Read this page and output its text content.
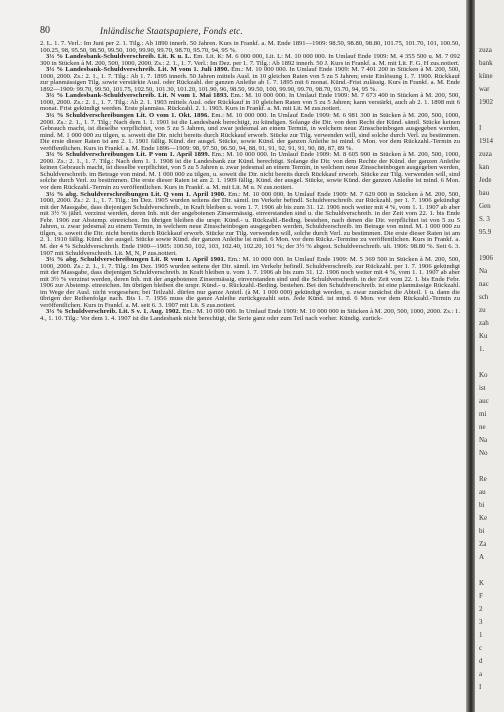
80	Inländische Staatspapiere, Fonds etc.

2. L. 1. 7. Verl.: Im Juni per 2. 1. Tilg.: Ab 1890 innerh. 50 Jahren. Kurs in Frankf. a. M. Ende 1891—1909: 98.50, 98.80, 98.80, 101.75, 101.70, 101, 100.50, 100.25, 98, 95.50, 98.50, 99.50, 100, 99.90, 99.70, 98.70, 95.70, 94, 95 %.

3½ % Landesbank-Schuldverschreib. Lit. K u. L. Em. Lit. K: M. 6 000 000, Lit. L: M. 10 000 000. In Umlauf Ende 1909: M. 4 355 500 u. M. 7 092 300 in Stücken à M. 200, 500, 1000, 2000. Zs.: 2. 1., 1. 7. Verl.: Im Dez. per 1. 7. Tilg.: Ab 1892 innerh. 50 J. Kurs in Frankf. a. M. mit Lit. F. G. H zus.notiert.

3½ % Landesbank-Schuldverschreib. Lit. M vom 1. Juli 1890. Em.: M. 10 000 000. In Umlauf Ende 1909: M. 7 401 200 in Stücken à M. 200, 500, 1000, 2000. Zs.: 2. 1., 1. 7. Tilg.: Ab 1. 7. 1895 innerh. 50 Jahren mittels Ausl. in 10 gleichen Raten von 5 zu 5 Jahren; erste Einlösung 1. 7. 1900. Rückkauf zur planmässigen Tilg. sowie verstärkte Ausl. oder Rückzahl. der ganzen Anleihe ab 1. 7. 1895 mit 6 monat. Künd.-Frist zulässig. Kurs in Frankf. a. M. Ende 1892—1909: 99.70, 99.50, 101.75, 102.50, 101.30, 101.20, 101.90, 96, 98.50, 99.50, 100, 99.90, 99.70, 98.70, 93.70, 94, 95 %.

3½ % Landesbank-Schuldverschreib. Lit. N vom 1. Mai 1893. Em.: M. 10 000 000. In Umlauf Ende 1909: M. 7 673 400 in Stücken à M. 200, 500, 1000, 2000. Zs.: 2. 1., 1. 7. Tilg.: Ab 2. 1. 1903 mittels Ausl. oder Rückkauf in 10 gleichen Raten von 5 zu 5 Jahren; kann verstärkt, auch ab 2. 1. 1898 mit 6 monat. Frist gekündigt werden. Erste planmäss. Rückzahl. 2. 1. 1903. Kurs in Frankf. a. M. mit Lit. M zus.notiert.

3½ % Schuldverschreibungen Lit. O vom 1. Okt. 1896. Em.: M. 10 000 000. In Umlauf Ende 1909: M. 6 981 300 in Stücken à M. 200, 500, 1000, 2000. Zs.: 2. 1., 1. 7. Tilg.: Nach dem 1. 1. 1901 ist die Landesbank berechtigt, zu kündigen. Solange die Dir. von dem Recht der Künd. sämtl. Stücke keinen Gebrauch macht, ist dieselbe verpflichtet, von 5 zu 5 Jahren, und zwar jedesmal an einem Termin, in welchem neue Zinsscheinbogen ausgegeben werden, mind. M. 1 000 000 zu tilgen, u. soweit die Dir. nicht bereits durch Rückkauf erworb. Stücke zur Tilg. verwenden will, sind solche durch Verl. zu bestimmen. Die erste dieser Raten ist am 2. 1. 1901 fällig. Künd. der ausgel. Stücke, sowie Künd. der ganzen Anleihe ist mind. 6 Mon. vor dem Rückzahl.-Termin zu veröffentlichen. Kurs in Frankf. a. M. Ende 1896—1909: 98, 97.50, 96.50, 94, 88, 91, 91, 92, 91, 91, 90, 88, 87, 89 %.

3½ % Schuldverschreibungen Lit. P vom 1. April 1899. Em.: M. 10 000 000. In Umlauf Ende 1909: M. 8 605 900 in Stücken à M. 200, 500, 1000, 2000. Zs.: 2. 1., 1. 7. Tilg.: Nach dem 1. 1. 1908 ist die Landesbank zur Künd. berechtigt. Solange die Dir. von dem Rechte der Künd. der ganzen Anleihe keinen Gebrauch macht, ist dieselbe verpflichtet, von 5 zu 5 Jahren u. zwar jedesmal an einem Termin, in welchem neue Zinsscheinbogen ausgegeben werden, Schuldverschreib. im Betrage von mind. M. 1 000 000 zu tilgen, u. soweit die Dir. nicht bereits durch Rückkauf erworb. Stücke zur Tilg. verwenden will, sind solche durch Verl. zu bestimmen. Die erste dieser Raten ist am 2. 1. 1909 fällig. Künd. der ausgel. Stücke, sowie Künd. der ganzen Anleihe ist mind. 6 Mon. vor dem Rückzahl.-Termin zu veröffentlichen. Kurs in Frankf. a. M. mit Lit. M u. N zus.notiert.

3½ % abg. Schuldverschreibungen Lit. Q vom 1. April 1900. Em.: M. 10 000 000. In Umlauf Ende 1909: M. 7 629 000 in Stücken à M. 200, 500, 1000, 2000. Zs.: 2. 1., 1. 7. Tilg.: Im Dez. 1905 wurden seitens der Dir. sämtl. im Verkehr befindl. Schuldverschreib. zur Rückzahl. per 1. 7. 1906 gekündigt mit der Massgabe, dass diejenigen Schuldverschreib., in Kraft bleiben u. vom 1. 7. 1906 ab bis zum 31. 12. 1906 noch weiter mit 4 %, vom 1. 1. 1907 ab aber mit 3½ % jährl. verzinst werden, deren Inh. mit der angebotenen Zinsermässig. einverstanden sind u. die Schuldverschreib. in der Zeit vom 22. 1. bis Ende Febr. 1906 zur Abstemp. einreichen. Im übrigen bleiben die urspr. Künd.- u. Rückzahl.-Beding. bestehen, nach denen die Dir. verpflichtet ist von 5 zu 5 Jahren, u. zwar jedesmal zu einem Termin, in welchem neue Zinsscheinbogen ausgegeben werden, Schuldverschreib. im Betrage von mind. M. 1 000 000 zu tilgen, u. soweit die Dir. nicht bereits durch Rückkauf erworb. Stücke zur Tilg. verwenden will, solche durch Verl. zu bestimmen. Die erste dieser Raten ist am 2. 1. 1910 fällig. Künd. der ausgel. Stücke sowie Künd. der ganzen Anleihe ist mind. 6 Mon. vor dem Rückz.-Termine zu veröffentlichen. Kurs in Frankf. a. M. der 4 % Schuldverschreib. Ende 1900—1905: 100.50, 102, 103, 102.40, 102.20, 101 %; der 3½ % abgest. Schuldverschreib. ult. 1906: 98.80 %. Seit 6. 3. 1907 mit Schuldverschreib. Lit. M, N, P zus.notiert.

3½ % abg. Schuldverschreibungen Lit. R vom 1. April 1901. Em.: M. 10 000 000. In Umlauf Ende 1909: M. 5 369 500 in Stücken à M. 200, 500, 1000, 2000. Zs.: 2. 1., 1. 7. Tilg.: Im Dez. 1905 wurden seitens der Dir. sämtl. im Verkehr befindl. Schuldverschreib. zur Rückzahl. per 1. 7. 1906 gekündigt mit der Massgabe, dass diejenigen Schuldverschreib. in Kraft bleiben u. vom 1. 7. 1906 ab bis zum 31. 12. 1906 noch weiter mit 4 %, vom 1. 1. 1907 ab aber mit 3½ % verzinst werden, deren Inh. mit der angebotenen Zinsermässig. einverstanden sind und die Schuldverschreib. in der Zeit vom 22. 1. bis Ende Febr. 1906 zur Abstemp. einreichen. Im übrigen bleiben die urspr. Künd.- u. Rückzahl.-Beding. bestehen. Bei den Schuldverschreib. ist eine planmässige Rückzahl. im Wege der Ausl. nicht vorgesehen; bei Teilzahl. dürfen nur ganze Anteil. (à M. 1 000 000) gekündigt werden, u. zwar zunächst die Abteil. 1 u. dann die übrigen der Reihenfolge nach. Bis 1. 7. 1956 muss die ganze Anleihe zurückgezahlt sein. Jede Künd. ist mind. 6 Mon. vor dem Rückzahl.-Termin zu veröffentlichen. Kurs in Frankf. a. M. seit 6. 3. 1907 mit Lit. S zus.notiert.

3½ % Schuldverschreib. Lit. S v. 1. Aug. 1902. Em.: M. 10 000 000. In Umlauf Ende 1909: M. 10 000 000 in Stücken à M. 200, 500, 1000, 2000. Zs.: 1. 4., 1. 10. Tilg.: Vor dem 1. 4. 1907 ist die Landesbank nicht berechtigt, die Serie ganz oder zum Teil nach vorher. Kündig. zurück-

zuza
bank
küne
war
1902
I
1914
zuza
kan
Jede
bau
Gen
S. 3
95.9
1906
Na
nac
sch
zu
zah
Ku
1.
Ko
ist
auc
mi
ne
Na
No
Re
au
bi
Ke
bi
Za
A
K
F
2
3
1
c
d
a
I
